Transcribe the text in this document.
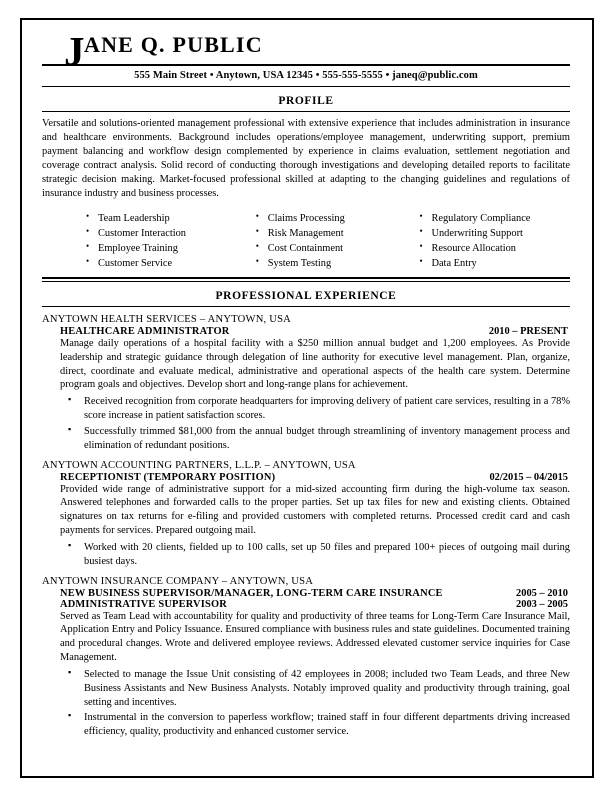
J ANE Q. PUBLIC
555 Main Street • Anytown, USA 12345 • 555-555-5555 • janeq@public.com
PROFILE

Versatile and solutions-oriented management professional with extensive experience that includes administration in insurance and healthcare environments. Background includes operations/employee management, underwriting support, premium payment balancing and workflow design complemented by experience in claims evaluation, settlement negotiation and coverage contract analysis. Solid record of conducting thorough investigations and developing detailed reports to facilitate strategic decision making. Market-focused professional skilled at adapting to the changing guidelines and regulations of insurance industry and business processes.

• Team Leadership
• Customer Interaction
• Employee Training
• Customer Service
• Claims Processing
• Risk Management
• Cost Containment
• System Testing
• Regulatory Compliance
• Underwriting Support
• Resource Allocation
• Data Entry
PROFESSIONAL EXPERIENCE
ANYTOWN HEALTH SERVICES – ANYTOWN, USA
HEALTHCARE ADMINISTRATOR	2010 – PRESENT

Manage daily operations of a hospital facility with a $250 million annual budget and 1,200 employees. As Provide leadership and strategic guidance through delegation of line authority for executive level management. Plan, organize, direct, coordinate and evaluate medical, administrative and operational aspects of the health care system. Determine program goals and objectives. Develop short and long-range plans for achievement.

▪ Received recognition from corporate headquarters for improving delivery of patient care services, resulting in a 78% score increase in patient satisfaction scores.
▪ Successfully trimmed $81,000 from the annual budget through streamlining of inventory management process and elimination of redundant positions.
ANYTOWN ACCOUNTING PARTNERS, L.L.P. – ANYTOWN, USA
RECEPTIONIST (TEMPORARY POSITION)	02/2015 – 04/2015

Provided wide range of administrative support for a mid-sized accounting firm during the high-volume tax season. Answered telephones and forwarded calls to the proper parties. Set up tax files for new and existing clients. Obtained signatures on tax returns for e-filing and provided customers with completed returns. Processed credit card and cash payments for services. Prepared outgoing mail.

▪ Worked with 20 clients, fielded up to 100 calls, set up 50 files and prepared 100+ pieces of outgoing mail during busiest days.
ANYTOWN INSURANCE COMPANY – ANYTOWN, USA
NEW BUSINESS SUPERVISOR/MANAGER, LONG-TERM CARE INSURANCE	2005 – 2010
ADMINISTRATIVE SUPERVISOR	2003 – 2005

Served as Team Lead with accountability for quality and productivity of three teams for Long-Term Care Insurance Mail, Application Entry and Policy Issuance. Ensured compliance with business rules and state guidelines. Documented training and procedural changes. Wrote and delivered employee reviews. Addressed elevated customer service inquiries for Case Management.

▪ Selected to manage the Issue Unit consisting of 42 employees in 2008; included two Team Leads, and three New Business Assistants and New Business Analysts. Notably improved quality and productivity through training, goal setting and incentives.
▪ Instrumental in the conversion to paperless workflow; trained staff in four different departments driving increased efficiency, quality, productivity and enhanced customer service.
